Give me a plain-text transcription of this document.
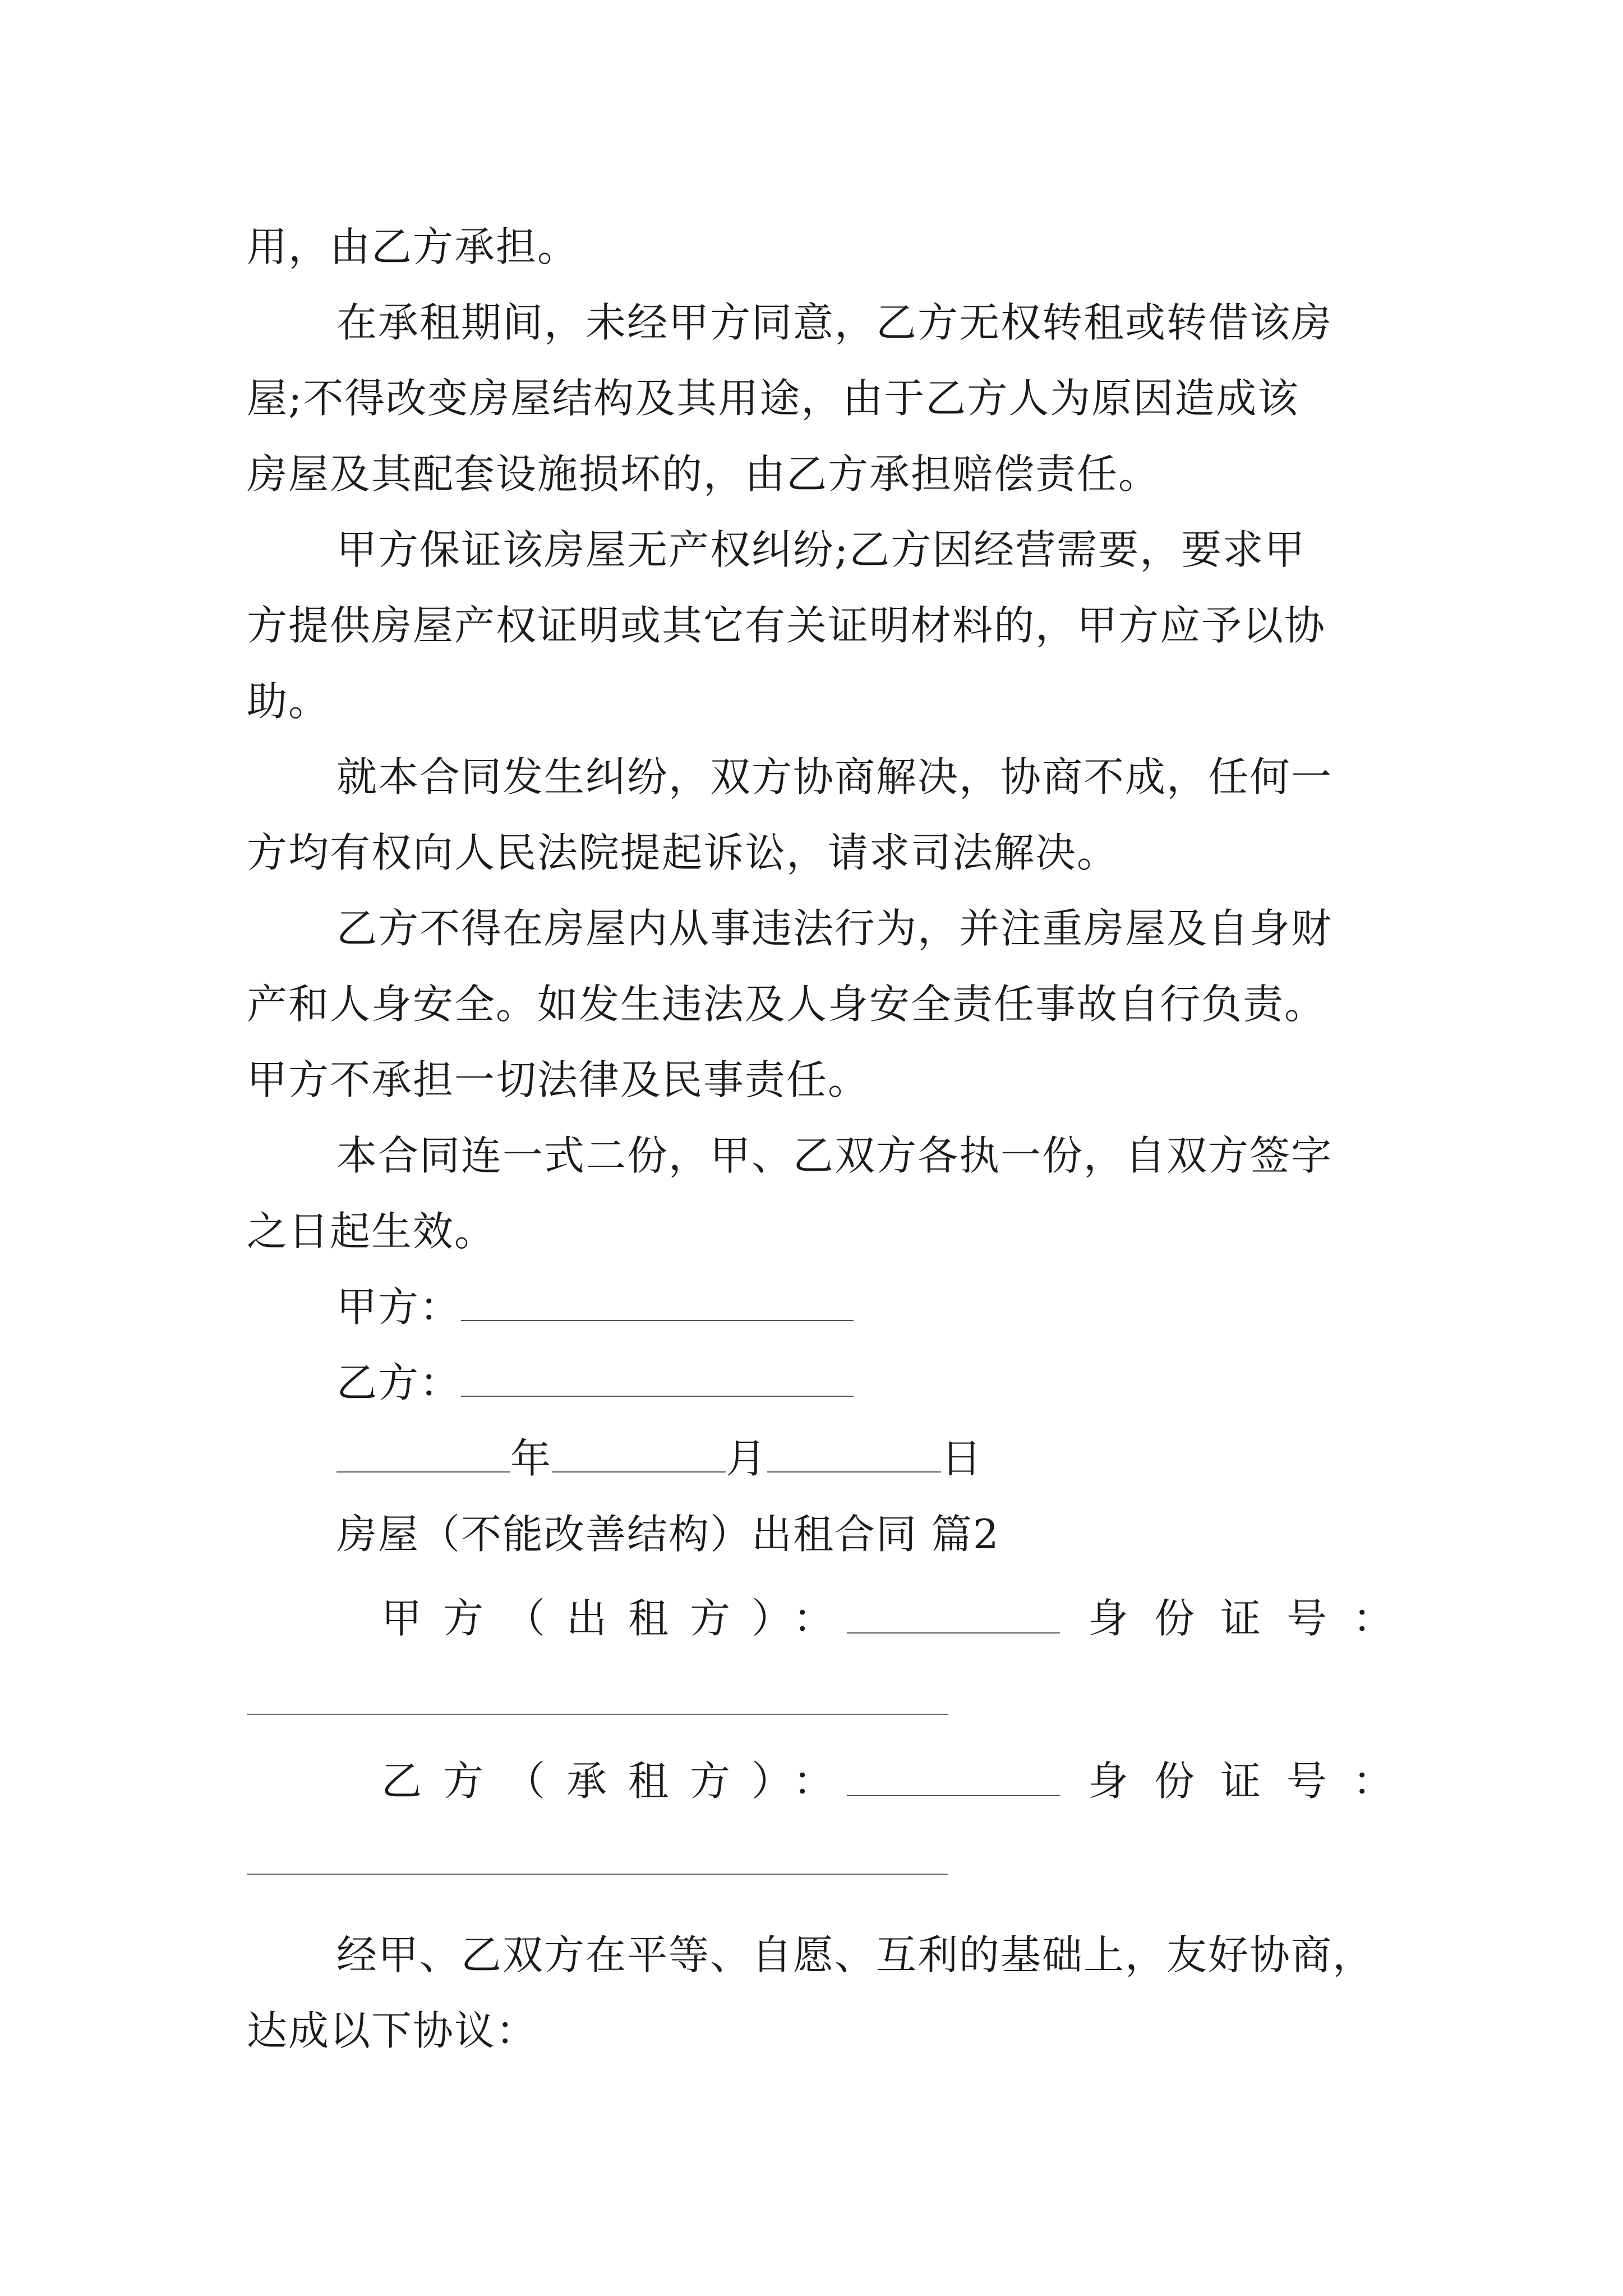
用，由乙方承担。
在承租期间，未经甲方同意，乙方无权转租或转借该房
屋;不得改变房屋结构及其用途，由于乙方人为原因造成该
房屋及其配套设施损坏的，由乙方承担赔偿责任。
甲方保证该房屋无产权纠纷;乙方因经营需要，要求甲
方提供房屋产权证明或其它有关证明材料的，甲方应予以协
助。
就本合同发生纠纷，双方协商解决，协商不成，任何一
方均有权向人民法院提起诉讼，请求司法解决。
乙方不得在房屋内从事违法行为，并注重房屋及自身财
产和人身安全。如发生违法及人身安全责任事故自行负责。
甲方不承担一切法律及民事责任。
本合同连一式二份，甲、乙双方各执一份，自双方签字
之日起生效。
甲方：
乙方：
年	月	日
房屋（不能改善结构）出租合同 篇2
甲方（出租方）：	身份证号：
乙方（承租方）：	身份证号：
经甲、乙双方在平等、自愿、互利的基础上，友好协商，
达成以下协议：
